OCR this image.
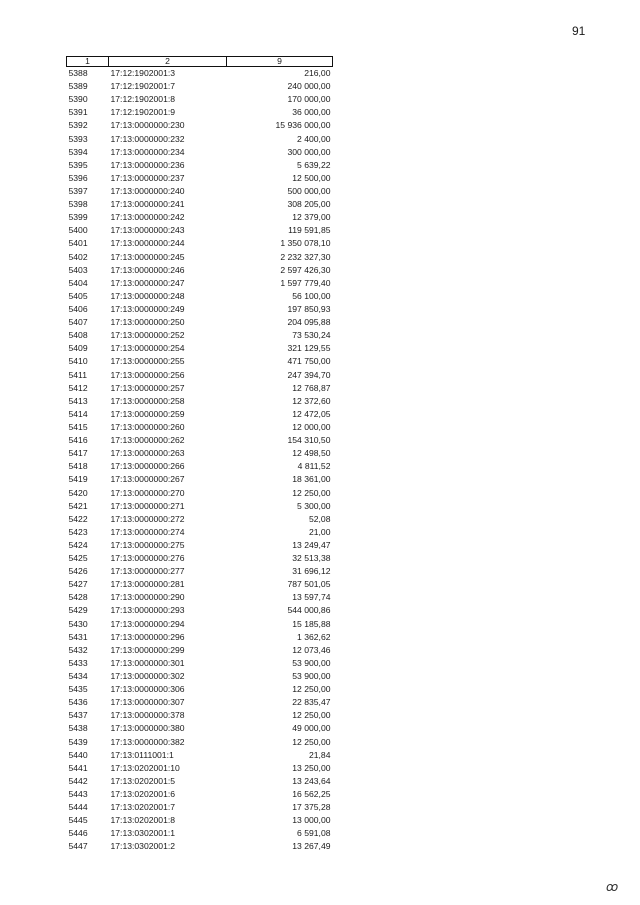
91
1	2	9
5388	17:12:1902001:3	216,00
5389	17:12:1902001:7	240 000,00
5390	17:12:1902001:8	170 000,00
5391	17:12:1902001:9	36 000,00
5392	17:13:0000000:230	15 936 000,00
5393	17:13:0000000:232	2 400,00
5394	17:13:0000000:234	300 000,00
5395	17:13:0000000:236	5 639,22
5396	17:13:0000000:237	12 500,00
5397	17:13:0000000:240	500 000,00
5398	17:13:0000000:241	308 205,00
5399	17:13:0000000:242	12 379,00
5400	17:13:0000000:243	119 591,85
5401	17:13:0000000:244	1 350 078,10
5402	17:13:0000000:245	2 232 327,30
5403	17:13:0000000:246	2 597 426,30
5404	17:13:0000000:247	1 597 779,40
5405	17:13:0000000:248	56 100,00
5406	17:13:0000000:249	197 850,93
5407	17:13:0000000:250	204 095,88
5408	17:13:0000000:252	73 530,24
5409	17:13:0000000:254	321 129,55
5410	17:13:0000000:255	471 750,00
5411	17:13:0000000:256	247 394,70
5412	17:13:0000000:257	12 768,87
5413	17:13:0000000:258	12 372,60
5414	17:13:0000000:259	12 472,05
5415	17:13:0000000:260	12 000,00
5416	17:13:0000000:262	154 310,50
5417	17:13:0000000:263	12 498,50
5418	17:13:0000000:266	4 811,52
5419	17:13:0000000:267	18 361,00
5420	17:13:0000000:270	12 250,00
5421	17:13:0000000:271	5 300,00
5422	17:13:0000000:272	52,08
5423	17:13:0000000:274	21,00
5424	17:13:0000000:275	13 249,47
5425	17:13:0000000:276	32 513,38
5426	17:13:0000000:277	31 696,12
5427	17:13:0000000:281	787 501,05
5428	17:13:0000000:290	13 597,74
5429	17:13:0000000:293	544 000,86
5430	17:13:0000000:294	15 185,88
5431	17:13:0000000:296	1 362,62
5432	17:13:0000000:299	12 073,46
5433	17:13:0000000:301	53 900,00
5434	17:13:0000000:302	53 900,00
5435	17:13:0000000:306	12 250,00
5436	17:13:0000000:307	22 835,47
5437	17:13:0000000:378	12 250,00
5438	17:13:0000000:380	49 000,00
5439	17:13:0000000:382	12 250,00
5440	17:13:0111001:1	21,84
5441	17:13:0202001:10	13 250,00
5442	17:13:0202001:5	13 243,64
5443	17:13:0202001:6	16 562,25
5444	17:13:0202001:7	17 375,28
5445	17:13:0202001:8	13 000,00
5446	17:13:0302001:1	6 591,08
5447	17:13:0302001:2	13 267,49
ꝏ
